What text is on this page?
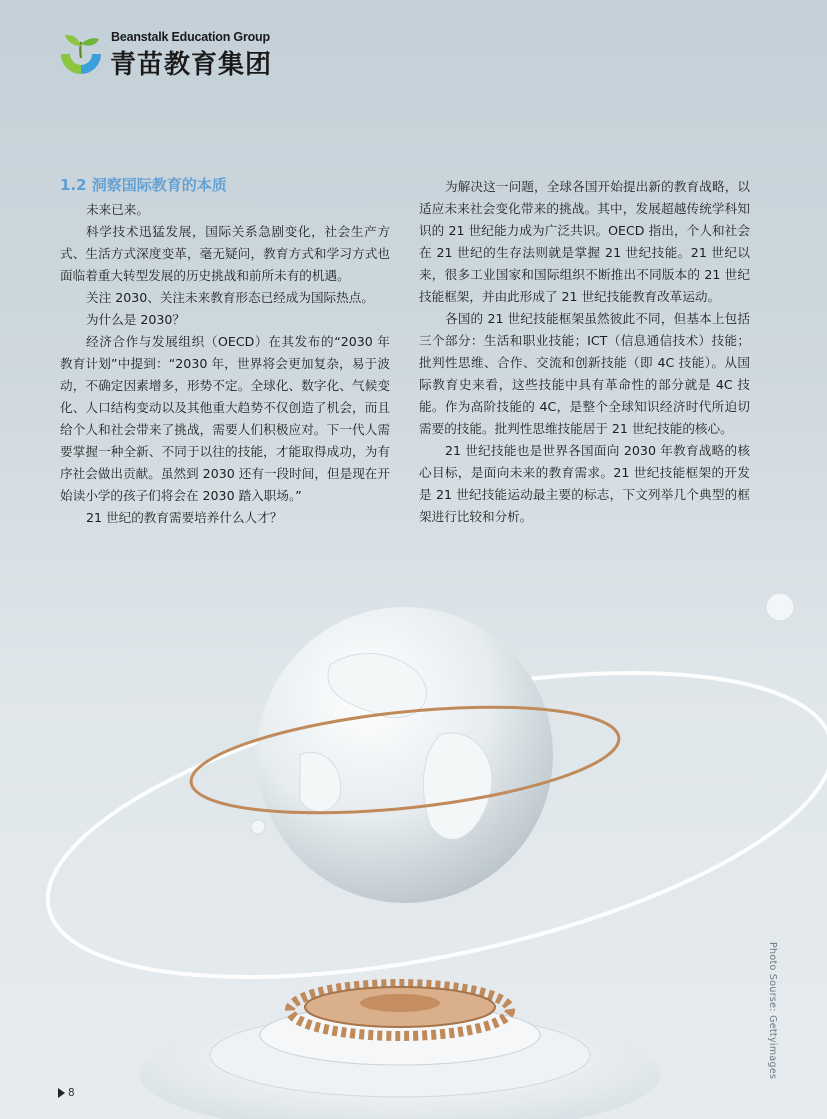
Beanstalk Education Group
青苗教育集团
1.2 洞察国际教育的本质

未来已来。

科学技术迅猛发展，国际关系急剧变化，社会生产方式、生活方式深度变革，毫无疑问，教育方式和学习方式也面临着重大转型发展的历史挑战和前所未有的机遇。

关注 2030、关注未来教育形态已经成为国际热点。

为什么是 2030？

经济合作与发展组织（OECD）在其发布的“2030 年教育计划”中提到：“2030 年，世界将会更加复杂，易于波动，不确定因素增多，形势不定。全球化、数字化、气候变化、人口结构变动以及其他重大趋势不仅创造了机会，而且给个人和社会带来了挑战，需要人们积极应对。下一代人需要掌握一种全新、不同于以往的技能，才能取得成功，为有序社会做出贡献。虽然到 2030 还有一段时间，但是现在开始读小学的孩子们将会在 2030 踏入职场。”

21 世纪的教育需要培养什么人才？

为解决这一问题，全球各国开始提出新的教育战略，以适应未来社会变化带来的挑战。其中，发展超越传统学科知识的 21 世纪能力成为广泛共识。OECD 指出，个人和社会在 21 世纪的生存法则就是掌握 21 世纪技能。21 世纪以来，很多工业国家和国际组织不断推出不同版本的 21 世纪技能框架，并由此形成了 21 世纪技能教育改革运动。

各国的 21 世纪技能框架虽然彼此不同，但基本上包括三个部分：生活和职业技能；ICT（信息通信技术）技能；批判性思维、合作、交流和创新技能（即 4C 技能）。从国际教育史来看，这些技能中具有革命性的部分就是 4C 技能。作为高阶技能的 4C，是整个全球知识经济时代所迫切需要的技能。批判性思维技能居于 21 世纪技能的核心。

21 世纪技能也是世界各国面向 2030 年教育战略的核心目标，是面向未来的教育需求。21 世纪技能框架的开发是 21 世纪技能运动最主要的标志，下文列举几个典型的框架进行比较和分析。

Photo Sourse: Gettyimages
8
